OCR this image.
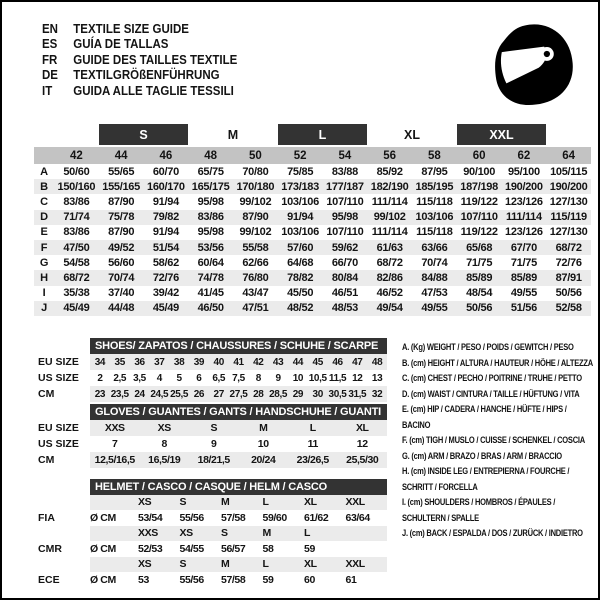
EN	TEXTILE SIZE GUIDE
ES	GUÍA DE TALLAS
FR	GUIDE DES TAILLES TEXTILE
DE	TEXTILGRÖßENFÜHRUNG
IT	GUIDA ALLE TAGLIE TESSILI
S	M	L	XL	XXL
42	44	46	48	50	52	54	56	58	60	62	64
A	50/60	55/65	60/70	65/75	70/80	75/85	83/88	85/92	87/95	90/100	95/100 105/115
B 150/160 155/165 160/170 165/175 170/180 173/183 177/187 182/190 185/195 187/198 190/200 190/200
C	83/86	87/90	91/94	95/98	99/102 103/106 107/110 111/114 115/118 119/122 123/126 127/130
D	71/74	75/78	79/82	83/86	87/90	91/94	95/98	99/102 103/106 107/110 111/114 115/119
E	83/86	87/90	91/94	95/98	99/102 103/106 107/110 111/114 115/118 119/122 123/126 127/130
F	47/50	49/52	51/54	53/56	55/58	57/60	59/62	61/63	63/66	65/68	67/70	68/72
G	54/58	56/60	58/62	60/64	62/66	64/68	66/70	68/72	70/74	71/75	71/75	72/76
H	68/72	70/74	72/76	74/78	76/80	78/82	80/84	82/86	84/88	85/89	85/89	87/91
I	35/38	37/40	39/42	41/45	43/47	45/50	46/51	46/52	47/53	48/54	49/55	50/56
J	45/49	44/48	45/49	46/50	47/51	48/52	48/53	49/54	49/55	50/56	51/56	52/58
SHOES/ ZAPATOS / CHAUSSURES / SCHUHE / SCARPE
EU SIZE	34 35 36 37 38 39 40 41 42 43 44 45 46 47 48
US SIZE	2	2,5 3,5	4	5	6	6,5 7,5	8	9	10 10,5 11,5 12 13
CM	23 23,5 24 24,5 25,5 26 27 27,5 28 28,5 29 30 30,5 31,5 32
GLOVES / GUANTES / GANTS / HANDSCHUHE / GUANTI
EU SIZE	XXS	XS	S	M	L	XL
US SIZE	7	8	9	10	11	12
CM	12,5/16,5	16,5/19	18/21,5	20/24	23/26,5	25,5/30
HELMET / CASCO / CASQUE / HELM / CASCO
XS	S	M	L	XL	XXL
FIA	Ø CM	53/54	55/56	57/58	59/60	61/62	63/64
XXS	XS	S	M	L
CMR	Ø CM	52/53	54/55	56/57	58	59
XS	S	M	L	XL	XXL
ECE	Ø CM	53	55/56	57/58	59	60	61
A. (Kg) WEIGHT / PESO / POIDS / GEWITCH / PESO
B. (cm) HEIGHT / ALTURA / HAUTEUR / HÖHE / ALTEZZA
C. (cm) CHEST / PECHO / POITRINE / TRUHE / PETTO
D. (cm) WAIST / CINTURA / TAILLE / HÜFTUNG / VITA
E. (cm) HIP / CADERA / HANCHE / HÜFTE / HIPS / BACINO
F. (cm) TIGH / MUSLO / CUISSE / SCHENKEL / COSCIA
G. (cm) ARM / BRAZO / BRAS / ARM / BRACCIO
H. (cm) INSIDE LEG / ENTREPIERNA / FOURCHE / SCHRITT / FORCELLA
I. (cm) SHOULDERS / HOMBROS / ÉPAULES / SCHULTERN / SPALLE
J. (cm) BACK / ESPALDA / DOS / ZURÜCK / INDIETRO
